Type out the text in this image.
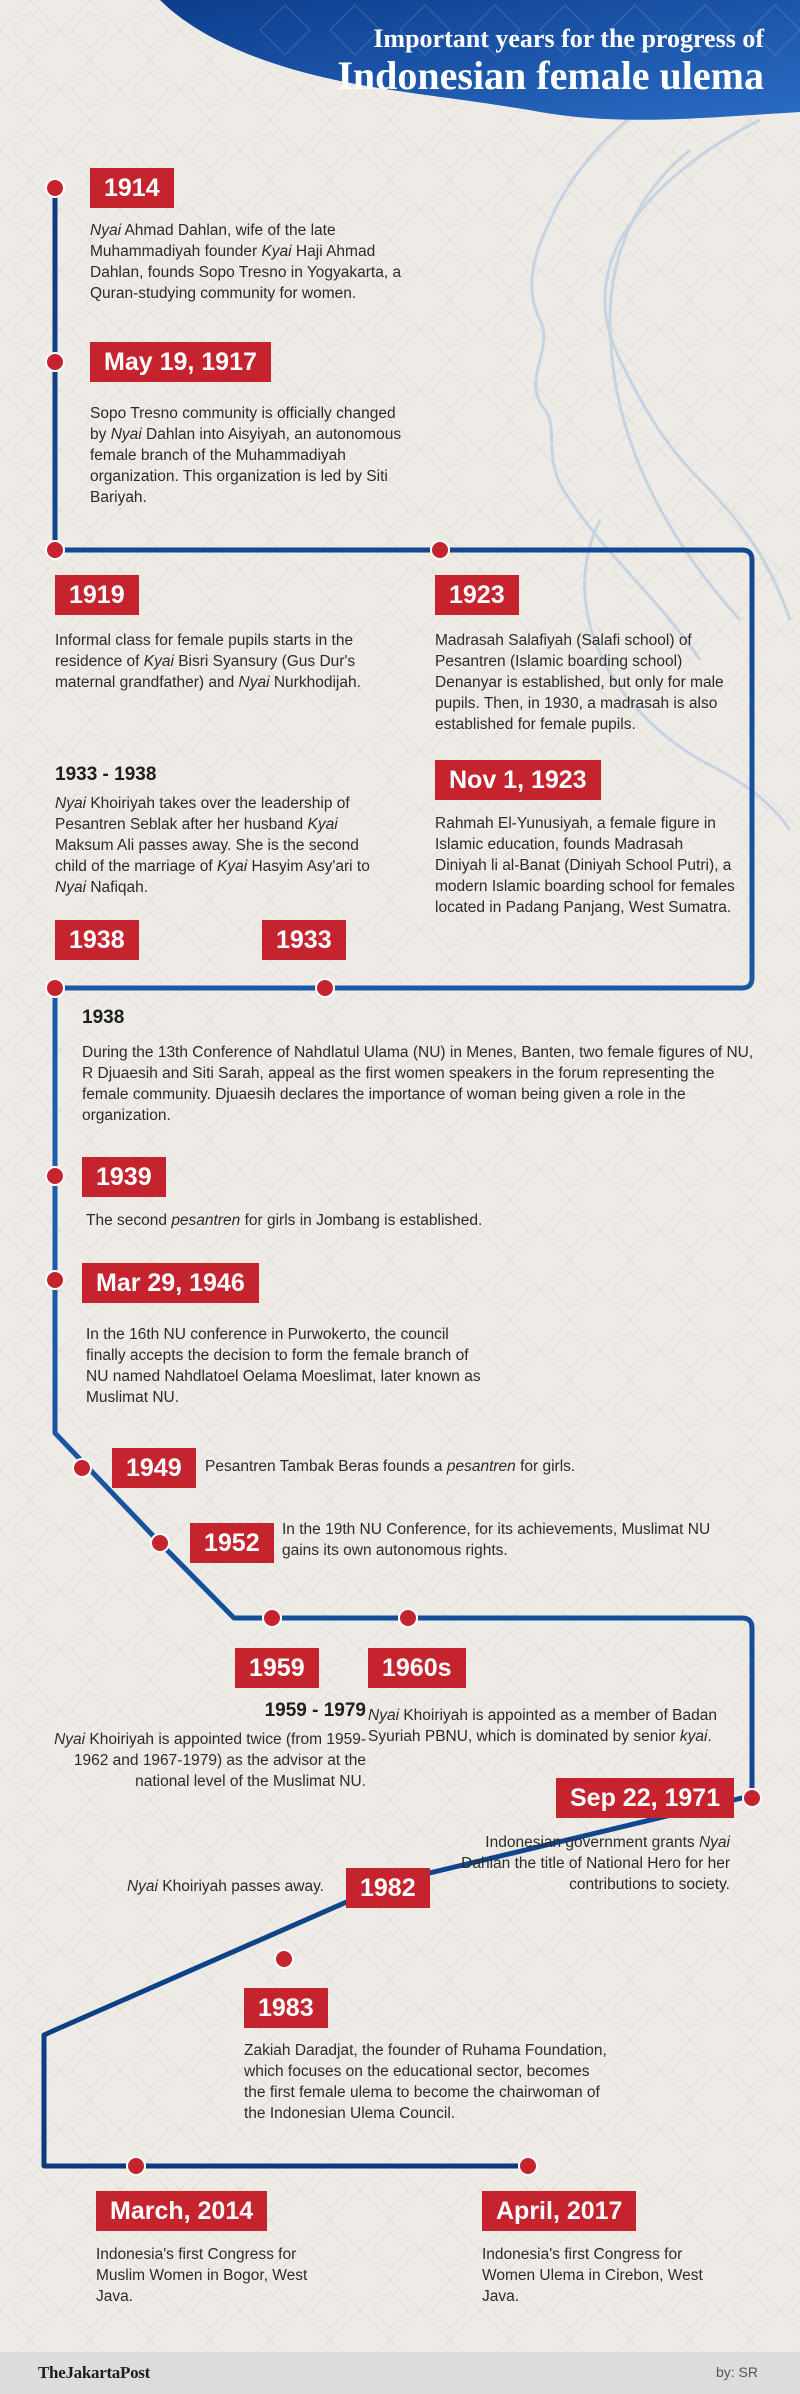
Important years for the progress of
Indonesian female ulema
1914
Nyai Ahmad Dahlan, wife of the late Muhammadiyah founder Kyai Haji Ahmad Dahlan, founds Sopo Tresno in Yogyakarta, a Quran-studying community for women.
May 19, 1917
Sopo Tresno community is officially changed by Nyai Dahlan into Aisyiyah, an autonomous female branch of the Muhammadiyah organization. This organization is led by Siti Bariyah.
1919
Informal class for female pupils starts in the residence of Kyai Bisri Syansury (Gus Dur's maternal grandfather) and Nyai Nurkhodijah.
1923
Madrasah Salafiyah (Salafi school) of Pesantren (Islamic boarding school) Denanyar is established, but only for male pupils. Then, in 1930, a madrasah is also established for female pupils.
1933 - 1938
Nyai Khoiriyah takes over the leadership of Pesantren Seblak after her husband Kyai Maksum Ali passes away. She is the second child of the marriage of Kyai Hasyim Asy'ari to Nyai Nafiqah.
Nov 1, 1923
Rahmah El-Yunusiyah, a female figure in Islamic education, founds Madrasah Diniyah li al-Banat (Diniyah School Putri), a modern Islamic boarding school for females located in Padang Panjang, West Sumatra.
1938	1933
1938
During the 13th Conference of Nahdlatul Ulama (NU) in Menes, Banten, two female figures of NU, R Djuaesih and Siti Sarah, appeal as the first women speakers in the forum representing the female community. Djuaesih declares the importance of woman being given a role in the organization.
1939
The second pesantren for girls in Jombang is established.
Mar 29, 1946
In the 16th NU conference in Purwokerto, the council finally accepts the decision to form the female branch of NU named Nahdlatoel Oelama Moeslimat, later known as Muslimat NU.
1949	Pesantren Tambak Beras founds a pesantren for girls.
1952	In the 19th NU Conference, for its achievements, Muslimat NU gains its own autonomous rights.
1959
1959 - 1979
Nyai Khoiriyah is appointed twice (from 1959-1962 and 1967-1979) as the advisor at the national level of the Muslimat NU.
1960s
Nyai Khoiriyah is appointed as a member of Badan Syuriah PBNU, which is dominated by senior kyai.
Sep 22, 1971
Indonesian government grants Nyai Dahlan the title of National Hero for her contributions to society.
1982
Nyai Khoiriyah passes away.
1983
Zakiah Daradjat, the founder of Ruhama Foundation, which focuses on the educational sector, becomes the first female ulema to become the chairwoman of the Indonesian Ulema Council.
March, 2014
Indonesia's first Congress for Muslim Women in Bogor, West Java.
April, 2017
Indonesia's first Congress for Women Ulema in Cirebon, West Java.
TheJakartaPost	by: SR
